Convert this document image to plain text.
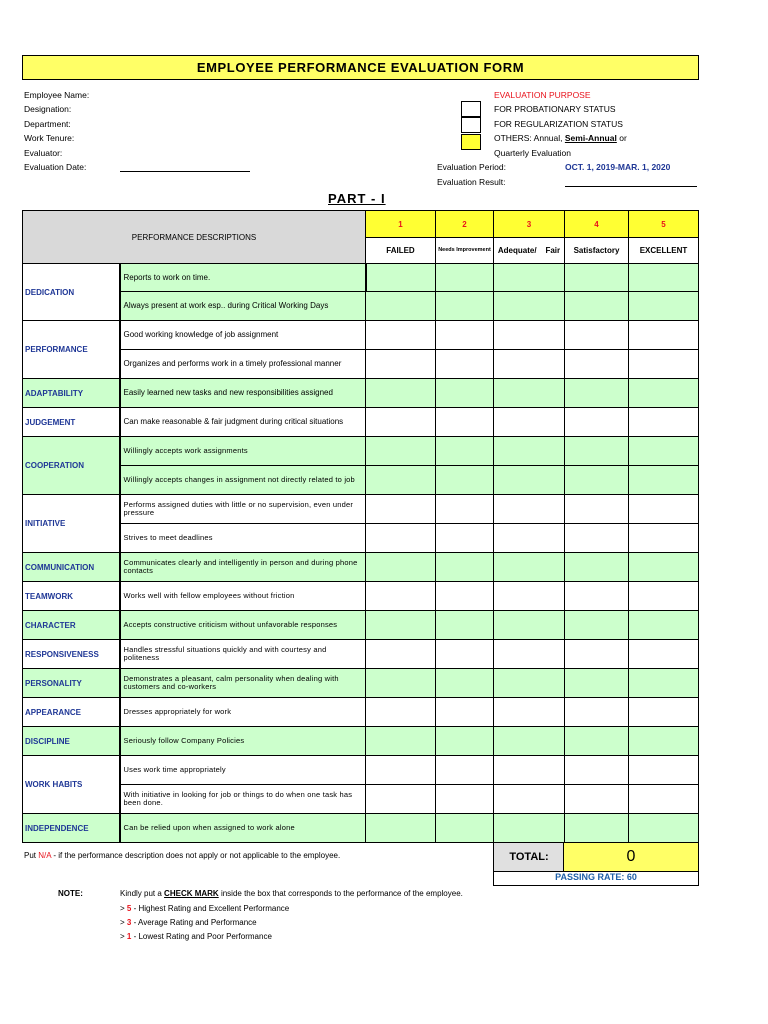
EMPLOYEE PERFORMANCE EVALUATION FORM
Employee Name:
Designation:
Department:
Work Tenure:
Evaluator:
Evaluation Date:
EVALUATION PURPOSE
FOR PROBATIONARY STATUS
FOR REGULARIZATION STATUS
OTHERS: Annual, Semi-Annual or
Quarterly Evaluation
Evaluation Period:	OCT. 1, 2019-MAR. 1, 2020
Evaluation Result:
PART - I
PERFORMANCE DESCRIPTIONS		1	2	3	4	5
		FAILED	Needs Improvement	Adequate/    Fair	Satisfactory	EXCELLENT
DEDICATION	Reports to work on time.					
	Always present at work esp.. during Critical Working Days					
PERFORMANCE	Good working knowledge of job assignment					
	Organizes and performs work in a timely professional manner					
ADAPTABILITY	Easily learned new tasks and new responsibilities assigned					
JUDGEMENT	Can make reasonable & fair judgment during critical situations					
COOPERATION	Willingly accepts work assignments					
	Willingly accepts changes in assignment not directly related to job					
INITIATIVE	Performs assigned duties with little or no supervision, even under pressure					
	Strives to meet deadlines					
COMMUNICATION	Communicates clearly and intelligently in person and during phone contacts					
TEAMWORK	Works well with fellow employees without friction					
CHARACTER	Accepts constructive criticism without unfavorable responses					
RESPONSIVENESS	Handles stressful situations quickly and with courtesy and politeness					
PERSONALITY	Demonstrates a pleasant, calm personality when dealing with customers and co-workers					
APPEARANCE	Dresses appropriately for work					
DISCIPLINE	Seriously follow Company Policies					
WORK HABITS	Uses work time appropriately					
	With initiative in looking for job or things to do when one task has been done.					
INDEPENDENCE	Can be relied upon when assigned to work alone					
Put N/A - if the performance description does not apply or not applicable to the employee.	TOTAL:	0
PASSING RATE: 60
NOTE:	Kindly put a CHECK MARK inside the box that corresponds to the performance of the employee.
> 5 - Highest Rating and Excellent Performance
> 3 - Average Rating and Performance
> 1 - Lowest Rating and Poor Performance
